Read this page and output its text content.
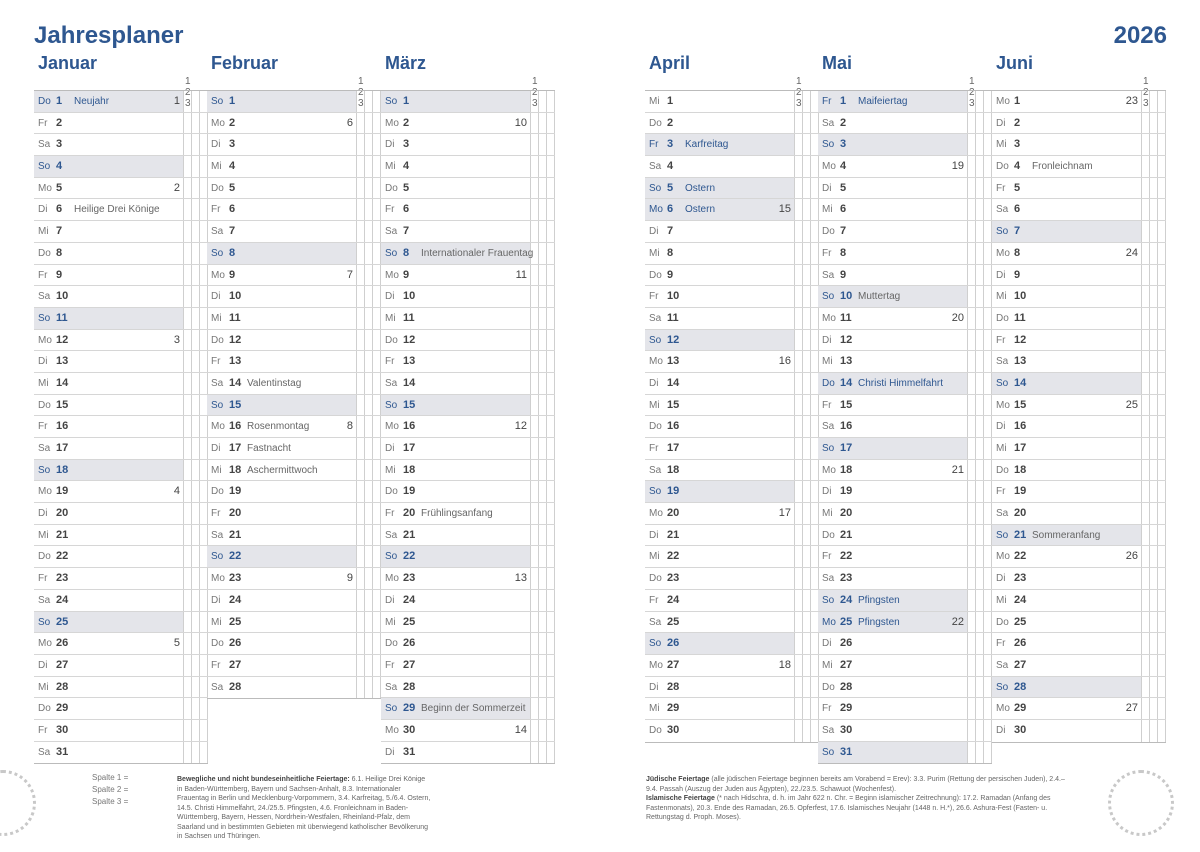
Jahresplaner	2026
Januar
1 2 3
Do 1 Neujahr	1
Fr 2
Sa 3
So 4
Mo 5	2
Di 6 Heilige Drei Könige
Mi 7
Do 8
Fr 9
Sa 10
So 11
Mo 12	3
Di 13
Mi 14
Do 15
Fr 16
Sa 17
So 18
Mo 19	4
Di 20
Mi 21
Do 22
Fr 23
Sa 24
So 25
Mo 26	5
Di 27
Mi 28
Do 29
Fr 30
Sa 31
Februar
1 2 3
So 1
Mo 2	6
Di 3
Mi 4
Do 5
Fr 6
Sa 7
So 8
Mo 9	7
Di 10
Mi 11
Do 12
Fr 13
Sa 14 Valentinstag
So 15
Mo 16 Rosenmontag	8
Di 17 Fastnacht
Mi 18 Aschermittwoch
Do 19
Fr 20
Sa 21
So 22
Mo 23	9
Di 24
Mi 25
Do 26
Fr 27
Sa 28
März
1 2 3
So 1
Mo 2	10
Di 3
Mi 4
Do 5
Fr 6
Sa 7
So 8 Internationaler Frauentag
Mo 9	11
Di 10
Mi 11
Do 12
Fr 13
Sa 14
So 15
Mo 16	12
Di 17
Mi 18
Do 19
Fr 20 Frühlingsanfang
Sa 21
So 22
Mo 23	13
Di 24
Mi 25
Do 26
Fr 27
Sa 28
So 29 Beginn der Sommerzeit
Mo 30	14
Di 31
April
1 2 3
Mi 1
Do 2
Fr 3 Karfreitag
Sa 4
So 5 Ostern
Mo 6 Ostern	15
Di 7
Mi 8
Do 9
Fr 10
Sa 11
So 12
Mo 13	16
Di 14
Mi 15
Do 16
Fr 17
Sa 18
So 19
Mo 20	17
Di 21
Mi 22
Do 23
Fr 24
Sa 25
So 26
Mo 27	18
Di 28
Mi 29
Do 30
Mai
1 2 3
Fr 1 Maifeiertag
Sa 2
So 3
Mo 4	19
Di 5
Mi 6
Do 7
Fr 8
Sa 9
So 10 Muttertag
Mo 11	20
Di 12
Mi 13
Do 14 Christi Himmelfahrt
Fr 15
Sa 16
So 17
Mo 18	21
Di 19
Mi 20
Do 21
Fr 22
Sa 23
So 24 Pfingsten
Mo 25 Pfingsten	22
Di 26
Mi 27
Do 28
Fr 29
Sa 30
So 31
Juni
1 2 3
Mo 1	23
Di 2
Mi 3
Do 4 Fronleichnam
Fr 5
Sa 6
So 7
Mo 8	24
Di 9
Mi 10
Do 11
Fr 12
Sa 13
So 14
Mo 15	25
Di 16
Mi 17
Do 18
Fr 19
Sa 20
So 21 Sommeranfang
Mo 22	26
Di 23
Mi 24
Do 25
Fr 26
Sa 27
So 28
Mo 29	27
Di 30
Spalte 1 =
Spalte 2 =
Spalte 3 =
Bewegliche und nicht bundeseinheitliche Feiertage: 6.1. Heilige Drei Könige in Baden-Württemberg, Bayern und Sachsen-Anhalt, 8.3. Internationaler Frauentag in Berlin und Mecklenburg-Vorpommern, 3.4. Karfreitag, 5./6.4. Ostern, 14.5. Christi Himmelfahrt, 24./25.5. Pfingsten, 4.6. Fronleichnam in Baden-Württemberg, Bayern, Hessen, Nordrhein-Westfalen, Rheinland-Pfalz, dem Saarland und in bestimmten Gebieten mit überwiegend katholischer Bevölkerung in Sachsen und Thüringen.
Jüdische Feiertage (alle jüdischen Feiertage beginnen bereits am Vorabend = Erev): 3.3. Purim (Rettung der persischen Juden), 2.4.–9.4. Passah (Auszug der Juden aus Ägypten), 22./23.5. Schawuot (Wochenfest).
Islamische Feiertage (* nach Hidschra, d. h. im Jahr 622 n. Chr. = Beginn islamischer Zeitrechnung): 17.2. Ramadan (Anfang des Fastenmonats), 20.3. Ende des Ramadan, 26.5. Opferfest, 17.6. Islamisches Neujahr (1448 n. H.*), 26.6. Ashura-Fest (Fasten- u. Rettungstag d. Proph. Moses).
